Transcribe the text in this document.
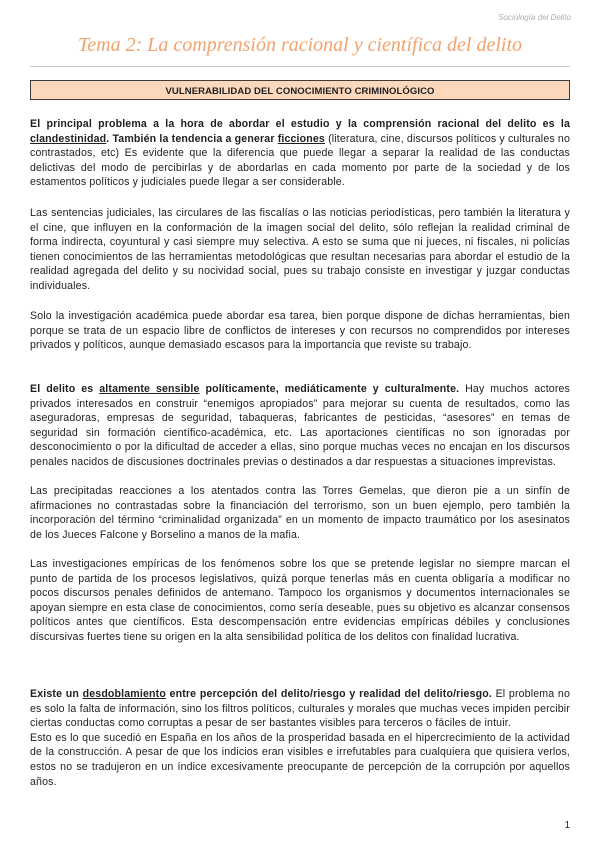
Sociología del Delito
Tema 2: La comprensión racional y científica del delito
VULNERABILIDAD DEL CONOCIMIENTO CRIMINOLÓGICO

El principal problema a la hora de abordar el estudio y la comprensión racional del delito es la clandestinidad. También la tendencia a generar ficciones (literatura, cine, discursos políticos y culturales no contrastados, etc) Es evidente que la diferencia que puede llegar a separar la realidad de las conductas delictivas del modo de percibirlas y de abordarlas en cada momento por parte de la sociedad y de los estamentos políticos y judiciales puede llegar a ser considerable.

Las sentencias judiciales, las circulares de las fiscalías o las noticias periodísticas, pero también la literatura y el cine, que influyen en la conformación de la imagen social del delito, sólo reflejan la realidad criminal de forma indirecta, coyuntural y casi siempre muy selectiva. A esto se suma que ni jueces, ni fiscales, ni policías tienen conocimientos de las herramientas metodológicas que resultan necesarias para abordar el estudio de la realidad agregada del delito y su nocividad social, pues su trabajo consiste en investigar y juzgar conductas individuales.

Solo la investigación académica puede abordar esa tarea, bien porque dispone de dichas herramientas, bien porque se trata de un espacio libre de conflictos de intereses y con recursos no comprendidos por intereses privados y políticos, aunque demasiado escasos para la importancia que reviste su trabajo.

El delito es altamente sensible políticamente, mediáticamente y culturalmente. Hay muchos actores privados interesados en construir “enemigos apropiados” para mejorar su cuenta de resultados, como las aseguradoras, empresas de seguridad, tabaqueras, fabricantes de pesticidas, “asesores” en temas de seguridad sin formación científico-académica, etc. Las aportaciones científicas no son ignoradas por desconocimiento o por la dificultad de acceder a ellas, sino porque muchas veces no encajan en los discursos penales nacidos de discusiones doctrinales previas o destinados a dar respuestas a situaciones imprevistas.

Las precipitadas reacciones a los atentados contra las Torres Gemelas, que dieron pie a un sinfín de afirmaciones no contrastadas sobre la financiación del terrorismo, son un buen ejemplo, pero también la incorporación del término “criminalidad organizada” en un momento de impacto traumático por los asesinatos de los Jueces Falcone y Borselino a manos de la mafia.

Las investigaciones empíricas de los fenómenos sobre los que se pretende legislar no siempre marcan el punto de partida de los procesos legislativos, quizá porque tenerlas más en cuenta obligaría a modificar no pocos discursos penales definidos de antemano. Tampoco los organismos y documentos internacionales se apoyan siempre en esta clase de conocimientos, como sería deseable, pues su objetivo es alcanzar consensos políticos antes que científicos. Esta descompensación entre evidencias empíricas débiles y conclusiones discursivas fuertes tiene su origen en la alta sensibilidad política de los delitos con finalidad lucrativa.

Existe un desdoblamiento entre percepción del delito/riesgo y realidad del delito/riesgo. El problema no es solo la falta de información, sino los filtros políticos, culturales y morales que muchas veces impiden percibir ciertas conductas como corruptas a pesar de ser bastantes visibles para terceros o fáciles de intuir.

Esto es lo que sucedió en España en los años de la prosperidad basada en el hipercrecimiento de la actividad de la construcción. A pesar de que los indicios eran visibles e irrefutables para cualquiera que quisiera verlos, estos no se tradujeron en un índice excesivamente preocupante de percepción de la corrupción por aquellos años.

1
